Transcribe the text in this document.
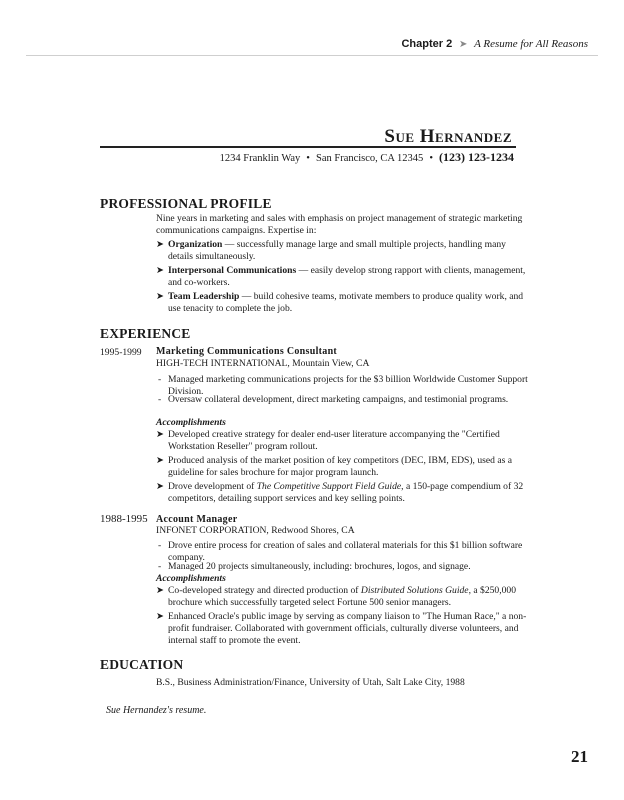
Chapter 2 ➤ A Resume for All Reasons
Sue Hernandez
1234 Franklin Way • San Francisco, CA 12345 • (123) 123-1234
PROFESSIONAL PROFILE
Nine years in marketing and sales with emphasis on project management of strategic marketing communications campaigns. Expertise in:
➤ Organization — successfully manage large and small multiple projects, handling many details simultaneously.
➤ Interpersonal Communications — easily develop strong rapport with clients, management, and co-workers.
➤ Team Leadership — build cohesive teams, motivate members to produce quality work, and use tenacity to complete the job.
EXPERIENCE
1995-1999 Marketing Communications Consultant
HIGH-TECH INTERNATIONAL, Mountain View, CA
- Managed marketing communications projects for the $3 billion Worldwide Customer Support Division.
- Oversaw collateral development, direct marketing campaigns, and testimonial programs.
Accomplishments
➤ Developed creative strategy for dealer end-user literature accompanying the "Certified Workstation Reseller" program rollout.
➤ Produced analysis of the market position of key competitors (DEC, IBM, EDS), used as a guideline for sales brochure for major program launch.
➤ Drove development of The Competitive Support Field Guide, a 150-page compendium of 32 competitors, detailing support services and key selling points.
1988-1995 Account Manager
INFONET CORPORATION, Redwood Shores, CA
- Drove entire process for creation of sales and collateral materials for this $1 billion software company.
- Managed 20 projects simultaneously, including: brochures, logos, and signage.
Accomplishments
➤ Co-developed strategy and directed production of Distributed Solutions Guide, a $250,000 brochure which successfully targeted select Fortune 500 senior managers.
➤ Enhanced Oracle's public image by serving as company liaison to "The Human Race," a non-profit fundraiser. Collaborated with government officials, culturally diverse volunteers, and internal staff to promote the event.
EDUCATION
B.S., Business Administration/Finance, University of Utah, Salt Lake City, 1988
Sue Hernandez's resume.
21
